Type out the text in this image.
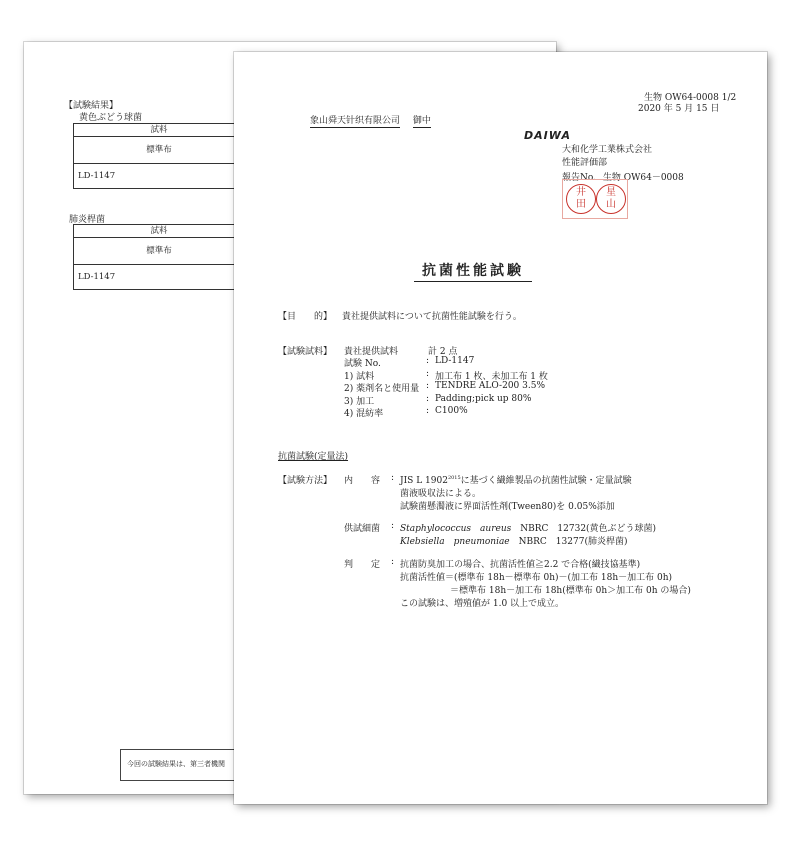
【試験結果】
黄色ぶどう球菌
試料
標準布
LD-1147
肺炎桿菌
試料
標準布
LD-1147
今回の試験結果は、第三者機関
生物 OW64-0008 1/2
2020 年 5 月 15 日
象山舜天针织有限公司 御中
DAIWA
大和化学工業株式会社
性能評価部
報告No. 生物 OW64－0008
井
田
星
山
抗菌性能試験
【目　　的】 貴社提供試料について抗菌性能試験を行う。
【試験試料】 貴社提供試料	計 2 点
試験 No.	: LD-1147
1) 試料	: 加工布 1 枚、未加工布 1 枚
2) 薬剤名と使用量 : TENDRE ALO-200 3.5%
3) 加工	: Padding;pick up 80%
4) 混紡率	: C100%
抗菌試験(定量法)
【試験方法】 内　　容 : JIS L $1902^{2015}$に基づく繊維製品の抗菌性試験・定量試験
菌液吸収法による。
試験菌懸濁液に界面活性剤(Tween80)を 0.05%添加
供試細菌 : Staphylococcus　aureus　 NBRC　12732(黄色ぶどう球菌)
Klebsiella　pneumoniae　 NBRC　13277(肺炎桿菌)
判　　定 : 抗菌防臭加工の場合、抗菌活性値≧2.2 で合格(繊技協基準)
抗菌活性値＝(標準布 18h－標準布 0h)－(加工布 18h－加工布 0h)
＝標準布 18h－加工布 18h(標準布 0h＞加工布 0h の場合)
この試験は、増殖値が 1.0 以上で成立。
